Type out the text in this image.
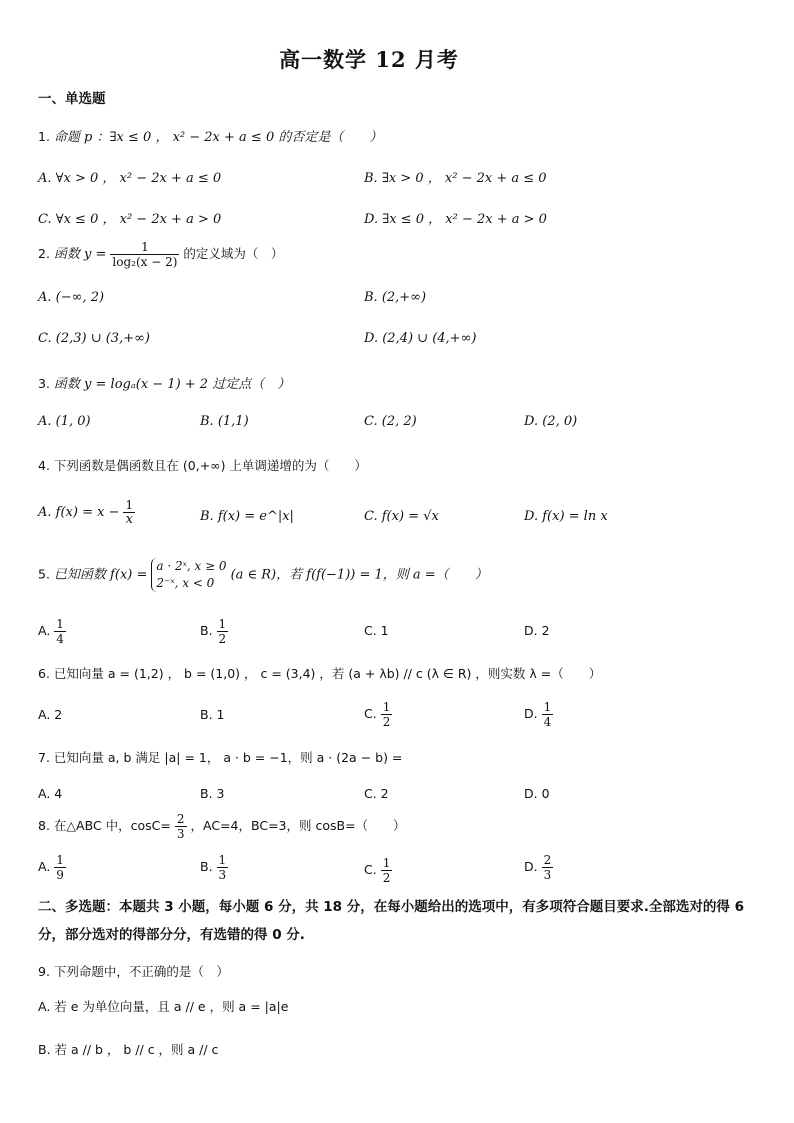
高一数学 12 月考
一、单选题
1. 命题 p ：∃x ≤ 0 ， x² − 2x + a ≤ 0 的否定是（　　）
A. ∀x > 0 ， x² − 2x + a ≤ 0	B. ∃x > 0 ， x² − 2x + a ≤ 0
C. ∀x ≤ 0 ， x² − 2x + a > 0	D. ∃x ≤ 0 ， x² − 2x + a > 0
2. 函数 $y = \frac{1}{\text{log₂(x − 2)}}$ 的定义域为（　）
A. (−∞, 2)	B. (2,+∞)
C. (2,3) ∪ (3,+∞)	D. (2,4) ∪ (4,+∞)
3. 函数 y = logₐ(x − 1) + 2 过定点（　）
A. (1, 0)	B. (1,1)	C. (2, 2)	D. (2, 0)
4. 下列函数是偶函数且在 (0,+∞) 上单调递增的为（　　）
A. $f(x) = x - \frac{1}{x}$	B. f(x) = e^|x|	C. f(x) = √x	D. f(x) = ln x
5. 已知函数 f(x) =
a · 2ˣ, x ≥ 0
2⁻ˣ, x < 0
(a ∈ R)，若 f(f(−1)) = 1，则 a =（　　）
A. $\frac{1}{4}$	B. $\frac{1}{2}$	C. 1	D. 2
6. 已知向量 a = (1,2) ， b = (1,0) ， c = (3,4) ，若 (a + λb) // c (λ ∈ R) ，则实数 λ =（　　）
A. 2	B. 1	C. $\frac{1}{2}$	D. $\frac{1}{4}$
7. 已知向量 a, b 满足 |a| = 1， a · b = −1，则 a · (2a − b) =
A. 4	B. 3	C. 2	D. 0
8. 在△ABC 中，$\cos C= \frac{2}{3}$ ，AC=4，BC=3，则 cosB=（　　）
A. $\frac{1}{9}$	B. $\frac{1}{3}$	C. $\frac{1}{2}$	D. $\frac{2}{3}$
二、多选题：本题共 3 小题，每小题 6 分，共 18 分，在每小题给出的选项中，有多项符合题目要求.全部选对的得 6 分，部分选对的得部分分，有选错的得 0 分.
9. 下列命题中，不正确的是（　）
A. 若 e 为单位向量，且 a // e ，则 a = |a|e
B. 若 a // b ， b // c ，则 a // c
